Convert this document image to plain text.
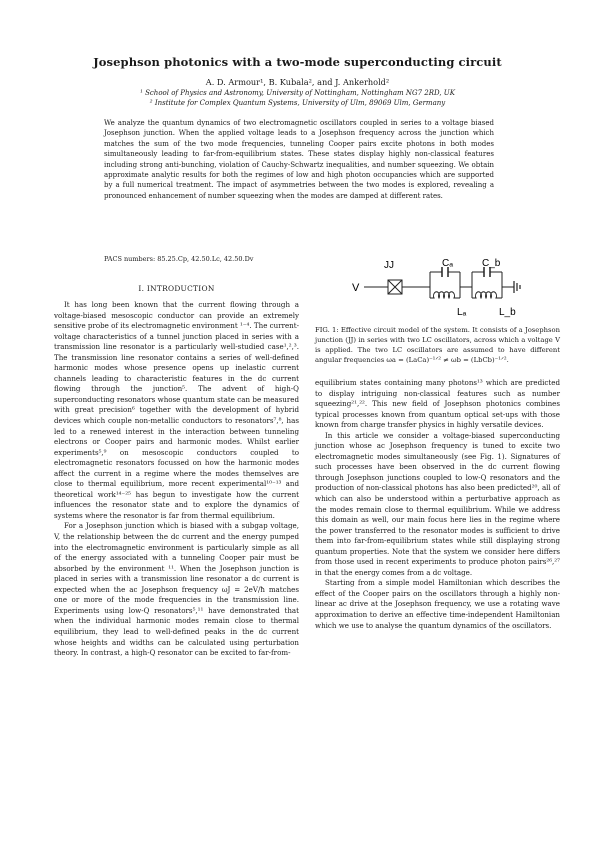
Josephson photonics with a two-mode superconducting circuit
A. D. Armour¹, B. Kubala², and J. Ankerhold²
¹ School of Physics and Astronomy, University of Nottingham, Nottingham NG7 2RD, UK
² Institute for Complex Quantum Systems, University of Ulm, 89069 Ulm, Germany
We analyze the quantum dynamics of two electromagnetic oscillators coupled in series to a voltage biased Josephson junction. When the applied voltage leads to a Josephson frequency across the junction which matches the sum of the two mode frequencies, tunneling Cooper pairs excite photons in both modes simultaneously leading to far-from-equilibrium states. These states display highly non-classical features including strong anti-bunching, violation of Cauchy-Schwartz inequalities, and number squeezing. We obtain approximate analytic results for both the regimes of low and high photon occupancies which are supported by a full numerical treatment. The impact of asymmetries between the two modes is explored, revealing a pronounced enhancement of number squeezing when the modes are damped at different rates.
PACS numbers: 85.25.Cp, 42.50.Lc, 42.50.Dv
I. INTRODUCTION

It has long been known that the current flowing through a voltage-biased mesoscopic conductor can provide an extremely sensitive probe of its electromagnetic environment ¹⁻⁴. The current-voltage characteristics of a tunnel junction placed in series with a transmission line resonator is a particularly well-studied case¹,²,³. The transmission line resonator contains a series of well-defined harmonic modes whose presence opens up inelastic current channels leading to characteristic features in the dc current flowing through the junction⁵. The advent of high-Q superconducting resonators whose quantum state can be measured with great precision⁶ together with the development of hybrid devices which couple non-metallic conductors to resonators⁷,⁸, has led to a renewed interest in the interaction between tunneling electrons or Cooper pairs and harmonic modes. Whilst earlier experiments⁵,⁹ on mesoscopic conductors coupled to electromagnetic resonators focussed on how the harmonic modes affect the current in a regime where the modes themselves are close to thermal equilibrium, more recent experimental¹⁰⁻¹³ and theoretical work¹⁴⁻²⁵ has begun to investigate how the current influences the resonator state and to explore the dynamics of systems where the resonator is far from thermal equilibrium.

For a Josephson junction which is biased with a subgap voltage, V, the relationship between the dc current and the energy pumped into the electromagnetic environment is particularly simple as all of the energy associated with a tunneling Cooper pair must be absorbed by the environment ¹¹. When the Josephson junction is placed in series with a transmission line resonator a dc current is expected when the ac Josephson frequency ωJ = 2eV/ħ matches one or more of the mode frequencies in the transmission line. Experiments using low-Q resonators⁵,¹¹ have demonstrated that when the individual harmonic modes remain close to thermal equilibrium, they lead to well-defined peaks in the dc current whose heights and widths can be calculated using perturbation theory. In contrast, a high-Q resonator can be excited to far-from-

V
JJ	Cₐ
Lₐ
C_b
L_b
FIG. 1: Effective circuit model of the system. It consists of a Josephson junction (JJ) in series with two LC oscillators, across which a voltage V is applied. The two LC oscillators are assumed to have different angular frequencies ωa = (LaCa)⁻¹ᐟ² ≠ ωb = (LbCb)⁻¹ᐟ².

equilibrium states containing many photons¹³ which are predicted to display intriguing non-classical features such as number squeezing²¹,²². This new field of Josephson photonics combines typical processes known from quantum optical set-ups with those known from charge transfer physics in highly versatile devices.

In this article we consider a voltage-biased superconducting junction whose ac Josephson frequency is tuned to excite two electromagnetic modes simultaneously (see Fig. 1). Signatures of such processes have been observed in the dc current flowing through Josephson junctions coupled to low-Q resonators and the production of non-classical photons has also been predicted²⁰, all of which can also be understood within a perturbative approach as the modes remain close to thermal equilibrium. While we address this domain as well, our main focus here lies in the regime where the power transferred to the resonator modes is sufficient to drive them into far-from-equilibrium states while still displaying strong quantum properties. Note that the system we consider here differs from those used in recent experiments to produce photon pairs²⁶,²⁷ in that the energy comes from a dc voltage.

Starting from a simple model Hamiltonian which describes the effect of the Cooper pairs on the oscillators through a highly non-linear ac drive at the Josephson frequency, we use a rotating wave approximation to derive an effective time-independent Hamiltonian which we use to analyse the quantum dynamics of the oscillators.
